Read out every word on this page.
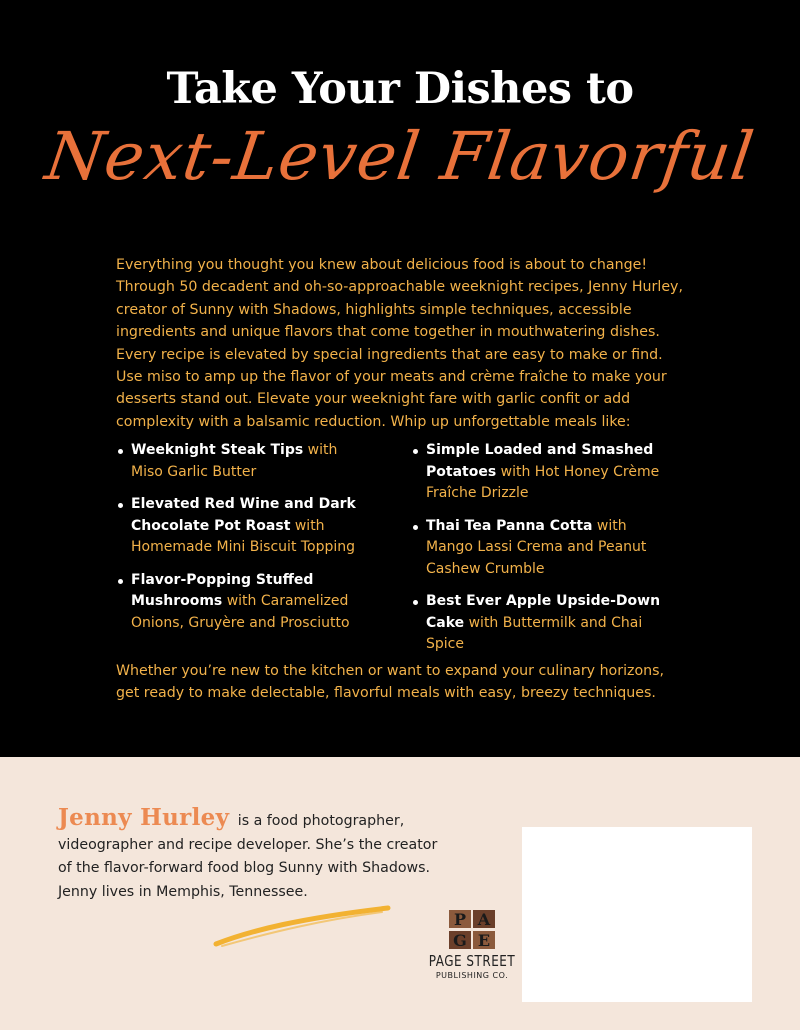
Take Your Dishes to
Next-Level Flavorful

Everything you thought you knew about delicious food is about to change! Through 50 decadent and oh-so-approachable weeknight recipes, Jenny Hurley, creator of Sunny with Shadows, highlights simple techniques, accessible ingredients and unique flavors that come together in mouthwatering dishes. Every recipe is elevated by special ingredients that are easy to make or find. Use miso to amp up the flavor of your meats and crème fraîche to make your desserts stand out. Elevate your weeknight fare with garlic confit or add complexity with a balsamic reduction. Whip up unforgettable meals like:

Weeknight Steak Tips with Miso Garlic Butter
Elevated Red Wine and Dark Chocolate Pot Roast with Homemade Mini Biscuit Topping
Flavor-Popping Stuffed Mushrooms with Caramelized Onions, Gruyère and Prosciutto
Simple Loaded and Smashed Potatoes with Hot Honey Crème Fraîche Drizzle
Thai Tea Panna Cotta with Mango Lassi Crema and Peanut Cashew Crumble
Best Ever Apple Upside-Down Cake with Buttermilk and Chai Spice

Whether you’re new to the kitchen or want to expand your culinary horizons, get ready to make delectable, flavorful meals with easy, breezy techniques.

Jenny Hurley is a food photographer, videographer and recipe developer. She’s the creator of the flavor-forward food blog Sunny with Shadows. Jenny lives in Memphis, Tennessee.

P A
G E
PAGE STREET
PUBLISHING CO.
